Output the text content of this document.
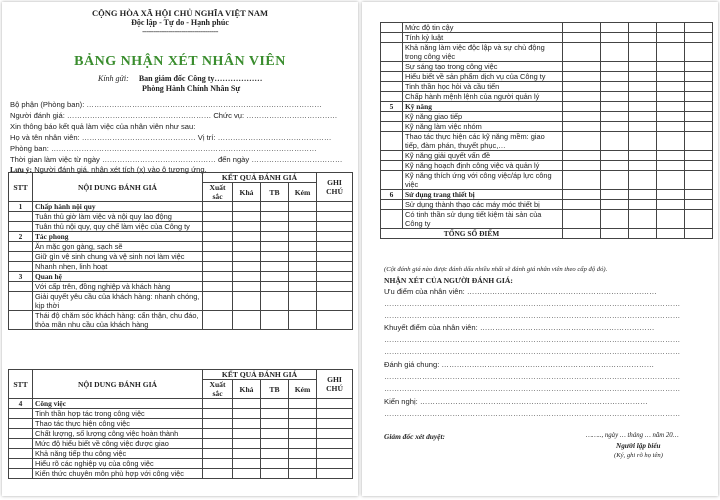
CỘNG HÒA XÃ HỘI CHỦ NGHĨA VIỆT NAM
Độc lập - Tự do - Hạnh phúc
-----------------------------------
BẢNG NHẬN XÉT NHÂN VIÊN
Kính gửi: Ban giám đốc Công ty………………
Phòng Hành Chính Nhân Sự
Bộ phận (Phòng ban): …………………………………………………………………………………
Người đánh giá: ………………………………………………… Chức vụ: ………………………………
Xin thông báo kết quả làm việc của nhân viên như sau:
Họ và tên nhân viên: ……………………………………… Vị trí: ………………………………………
Phòng ban: ……………………………………………………………………………………………
Thời gian làm việc từ ngày ……………………………………… đến ngày ………………………………
Lưu ý: Người đánh giá, nhận xét tích (x) vào ô tương ứng.
STT	NỘI DUNG ĐÁNH GIÁ	KẾT QUẢ ĐÁNH GIÁ				GHI CHÚ
		Xuất sắc	Khá	TB	Kém	
1	Chấp hành nội quy					
	Tuân thủ giờ làm việc và nội quy lao động					
	Tuân thủ nội quy, quy chế làm việc của Công ty					
2	Tác phong					
	Ăn mặc gọn gàng, sạch sẽ					
	Giữ gìn vệ sinh chung và vệ sinh nơi làm việc					
	Nhanh nhẹn, linh hoạt					
3	Quan hệ					
	Với cấp trên, đồng nghiệp và khách hàng					
	Giải quyết yêu cầu của khách hàng: nhanh chóng, kịp thời					
	Thái độ chăm sóc khách hàng: cẩn thận, chu đáo, thỏa mãn nhu cầu của khách hàng					
STT	NỘI DUNG ĐÁNH GIÁ	KẾT QUẢ ĐÁNH GIÁ				GHI CHÚ
		Xuất sắc	Khá	TB	Kém	
4	Công việc					
	Tinh thần hợp tác trong công việc					
	Thao tác thực hiện công việc					
	Chất lượng, số lượng công việc hoàn thành					
	Mức độ hiểu biết về công việc được giao					
	Khả năng tiếp thu công việc					
	Hiểu rõ các nghiệp vụ của công việc					
	Kiến thức chuyên môn phù hợp với công việc					
	Mức độ tin cậy	
	Tính kỷ luật	
	Khả năng làm việc độc lập và sự chủ động trong công việc	
	Sự sáng tạo trong công việc	
	Hiểu biết về sản phẩm dịch vụ của Công ty	
	Tinh thần học hỏi và cầu tiến	
	Chấp hành mệnh lệnh của người quản lý	
5	Kỹ năng	
	Kỹ năng giao tiếp	
	Kỹ năng làm việc nhóm	
	Thao tác thực hiện các kỹ năng mềm: giao tiếp, đàm phán, thuyết phục,…	
	Kỹ năng giải quyết vấn đề	
	Kỹ năng hoạch định công việc và quản lý	
	Kỹ năng thích ứng với công việc/áp lực công việc	
6	Sử dụng trang thiết bị	
	Sử dụng thành thạo các máy móc thiết bị	
	Có tinh thần sử dụng tiết kiệm tài sản của Công ty	
TỔNG SỐ ĐIỂM		

(Cột đánh giá nào được đánh dấu nhiều nhất sẽ đánh giá nhân viên theo cấp độ đó).
NHẬN XÉT CỦA NGƯỜI ĐÁNH GIÁ:
Ưu điểm của nhân viên: …………………………………………………………………
………………………………………………………………………………………………………
………………………………………………………………………………………………………
Khuyết điểm của nhân viên: ……………………………………………………………
………………………………………………………………………………………………………
………………………………………………………………………………………………………
Đánh giá chung: …………………………………………………………………………
………………………………………………………………………………………………………
………………………………………………………………………………………………………
Kiến nghị: ………………………………………………………………………………
………………………………………………………………………………………………………
Giám đốc xét duyệt:	…….., ngày … tháng … năm 20…
Người lập biểu
(Ký, ghi rõ họ tên)
